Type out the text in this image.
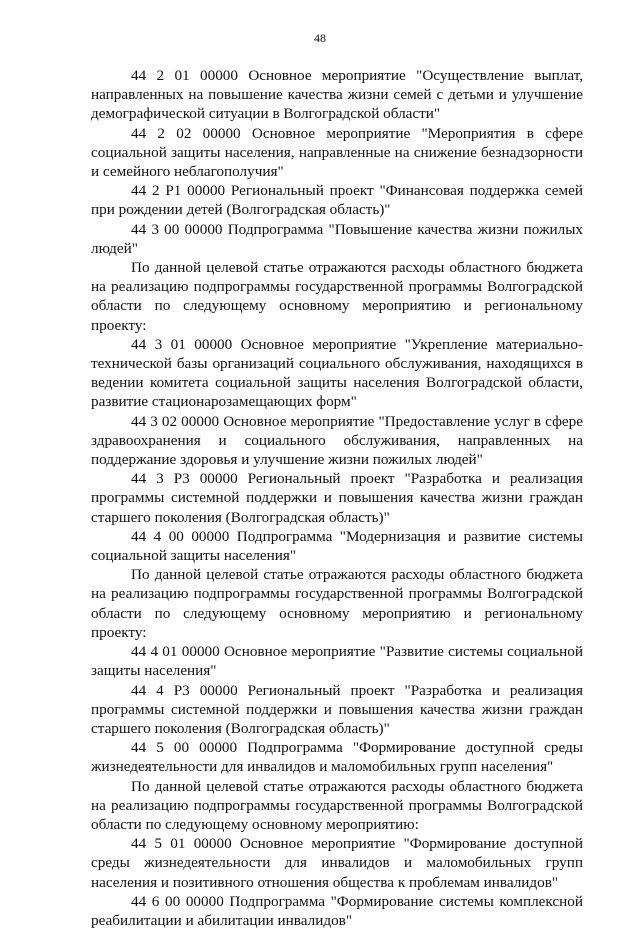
48

44 2 01 00000 Основное мероприятие "Осуществление выплат, направленных на повышение качества жизни семей с детьми и улучшение демографической ситуации в Волгоградской области"

44 2 02 00000 Основное мероприятие "Мероприятия в сфере социальной защиты населения, направленные на снижение безнадзорности и семейного неблагополучия"

44 2 P1 00000 Региональный проект "Финансовая поддержка семей при рождении детей (Волгоградская область)"

44 3 00 00000 Подпрограмма "Повышение качества жизни пожилых людей"

По данной целевой статье отражаются расходы областного бюджета на реализацию подпрограммы государственной программы Волгоградской области по следующему основному мероприятию и региональному проекту:

44 3 01 00000 Основное мероприятие "Укрепление материально-технической базы организаций социального обслуживания, находящихся в ведении комитета социальной защиты населения Волгоградской области, развитие стационарозамещающих форм"

44 3 02 00000 Основное мероприятие "Предоставление услуг в сфере здравоохранения и социального обслуживания, направленных на поддержание здоровья и улучшение жизни пожилых людей"

44 3 P3 00000 Региональный проект "Разработка и реализация программы системной поддержки и повышения качества жизни граждан старшего поколения (Волгоградская область)"

44 4 00 00000 Подпрограмма "Модернизация и развитие системы социальной защиты населения"

По данной целевой статье отражаются расходы областного бюджета на реализацию подпрограммы государственной программы Волгоградской области по следующему основному мероприятию и региональному проекту:

44 4 01 00000 Основное мероприятие "Развитие системы социальной защиты населения"

44 4 P3 00000 Региональный проект "Разработка и реализация программы системной поддержки и повышения качества жизни граждан старшего поколения (Волгоградская область)"

44 5 00 00000 Подпрограмма "Формирование доступной среды жизнедеятельности для инвалидов и маломобильных групп населения"

По данной целевой статье отражаются расходы областного бюджета на реализацию подпрограммы государственной программы Волгоградской области по следующему основному мероприятию:

44 5 01 00000 Основное мероприятие "Формирование доступной среды жизнедеятельности для инвалидов и маломобильных групп населения и позитивного отношения общества к проблемам инвалидов"

44 6 00 00000 Подпрограмма "Формирование системы комплексной реабилитации и абилитации инвалидов"
